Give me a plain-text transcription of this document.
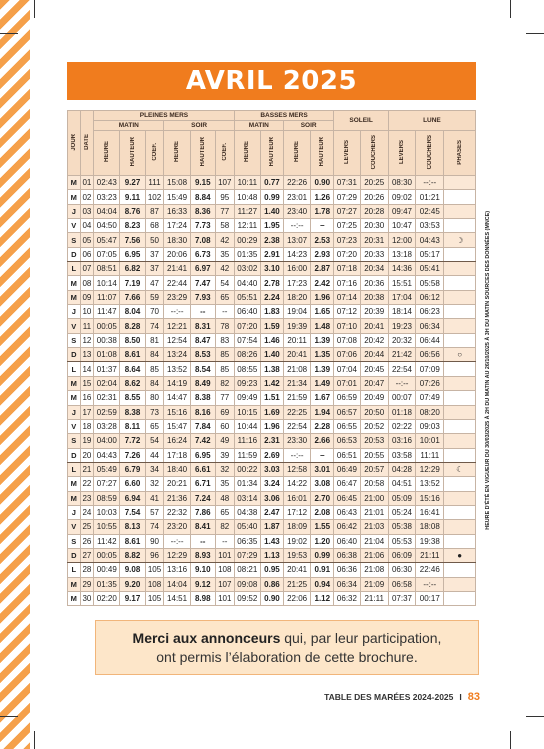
AVRIL 2025
JOUR	DATE	PLEINES MERS						BASSES MERS				SOLEIL		LUNE		
		MATIN			SOIR			MATIN		SOIR						
		HEURE	HAUTEUR	COEF.	HEURE	HAUTEUR	COEF.	HEURE	HAUTEUR	HEURE	HAUTEUR	LEVERS	COUCHERS	LEVERS	COUCHERS	PHASES
M	01	02:43	9.27	111	15:08	9.15	107	10:11	0.77	22:26	0.90	07:31	20:25	08:30	--:--	
M	02	03:23	9.11	102	15:49	8.84	95	10:48	0.99	23:01	1.26	07:29	20:26	09:02	01:21	
J	03	04:04	8.76	87	16:33	8.36	77	11:27	1.40	23:40	1.78	07:27	20:28	09:47	02:45	
V	04	04:50	8.23	68	17:24	7.73	58	12:11	1.95	--:--	–	07:25	20:30	10:47	03:53	
S	05	05:47	7.56	50	18:30	7.08	42	00:29	2.38	13:07	2.53	07:23	20:31	12:00	04:43	☽
D	06	07:05	6.95	37	20:06	6.73	35	01:35	2.91	14:23	2.93	07:20	20:33	13:18	05:17	
L	07	08:51	6.82	37	21:41	6.97	42	03:02	3.10	16:00	2.87	07:18	20:34	14:36	05:41	
M	08	10:14	7.19	47	22:44	7.47	54	04:40	2.78	17:23	2.42	07:16	20:36	15:51	05:58	
M	09	11:07	7.66	59	23:29	7.93	65	05:51	2.24	18:20	1.96	07:14	20:38	17:04	06:12	
J	10	11:47	8.04	70	--:--	--	--	06:40	1.83	19:04	1.65	07:12	20:39	18:14	06:23	
V	11	00:05	8.28	74	12:21	8.31	78	07:20	1.59	19:39	1.48	07:10	20:41	19:23	06:34	
S	12	00:38	8.50	81	12:54	8.47	83	07:54	1.46	20:11	1.39	07:08	20:42	20:32	06:44	
D	13	01:08	8.61	84	13:24	8.53	85	08:26	1.40	20:41	1.35	07:06	20:44	21:42	06:56	○
L	14	01:37	8.64	85	13:52	8.54	85	08:55	1.38	21:08	1.39	07:04	20:45	22:54	07:09	
M	15	02:04	8.62	84	14:19	8.49	82	09:23	1.42	21:34	1.49	07:01	20:47	--:--	07:26	
M	16	02:31	8.55	80	14:47	8.38	77	09:49	1.51	21:59	1.67	06:59	20:49	00:07	07:49	
J	17	02:59	8.38	73	15:16	8.16	69	10:15	1.69	22:25	1.94	06:57	20:50	01:18	08:20	
V	18	03:28	8.11	65	15:47	7.84	60	10:44	1.96	22:54	2.28	06:55	20:52	02:22	09:03	
S	19	04:00	7.72	54	16:24	7.42	49	11:16	2.31	23:30	2.66	06:53	20:53	03:16	10:01	
D	20	04:43	7.26	44	17:18	6.95	39	11:59	2.69	--:--	–	06:51	20:55	03:58	11:11	
L	21	05:49	6.79	34	18:40	6.61	32	00:22	3.03	12:58	3.01	06:49	20:57	04:28	12:29	☾
M	22	07:27	6.60	32	20:21	6.71	35	01:34	3.24	14:22	3.08	06:47	20:58	04:51	13:52	
M	23	08:59	6.94	41	21:36	7.24	48	03:14	3.06	16:01	2.70	06:45	21:00	05:09	15:16	
J	24	10:03	7.54	57	22:32	7.86	65	04:38	2.47	17:12	2.08	06:43	21:01	05:24	16:41	
V	25	10:55	8.13	74	23:20	8.41	82	05:40	1.87	18:09	1.55	06:42	21:03	05:38	18:08	
S	26	11:42	8.61	90	--:--	--	--	06:35	1.43	19:02	1.20	06:40	21:04	05:53	19:38	
D	27	00:05	8.82	96	12:29	8.93	101	07:29	1.13	19:53	0.99	06:38	21:06	06:09	21:11	●
L	28	00:49	9.08	105	13:16	9.10	108	08:21	0.95	20:41	0.91	06:36	21:08	06:30	22:46	
M	29	01:35	9.20	108	14:04	9.12	107	09:08	0.86	21:25	0.94	06:34	21:09	06:58	--:--	
M	30	02:20	9.17	105	14:51	8.98	101	09:52	0.90	22:06	1.12	06:32	21:11	07:37	00:17	
HEURE D'ÉTÉ EN VIGUEUR DU 30/03/2025 À 2H DU MATIN AU 26/10/2025 À 3H DU MATIN SOURCES DES DONNÉES (MNCE)
Merci aux annonceurs qui, par leur participation,
ont permis l’élaboration de cette brochure.
TABLE DES MARÉES 2024-2025 I 83
